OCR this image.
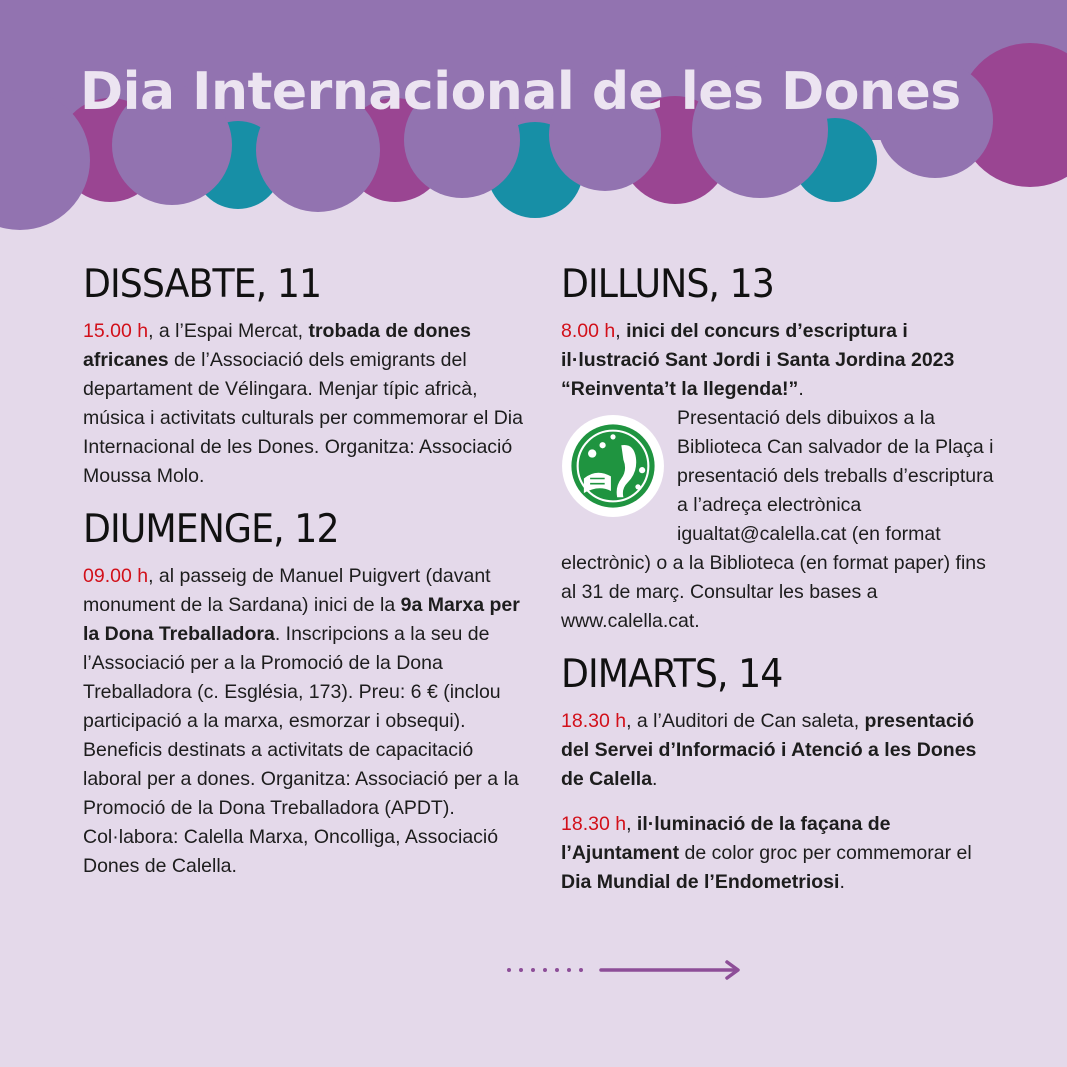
Dia Internacional de les Dones
DISSABTE, 11

15.00 h, a l’Espai Mercat, trobada de dones africanes de l’Associació dels emigrants del departament de Vélingara. Menjar típic africà, música i activitats culturals per commemorar el Dia Internacional de les Dones. Organitza: Associació Moussa Molo.

DIUMENGE, 12

09.00 h, al passeig de Manuel Puigvert (davant monument de la Sardana) inici de la 9a Marxa per la Dona Treballadora. Inscripcions a la seu de l’Associació per a la Promoció de la Dona Treballadora (c. Església, 173). Preu: 6 € (inclou participació a la marxa, esmorzar i obsequi). Beneficis destinats a activitats de capacitació laboral per a dones. Organitza: Associació per a la Promoció de la Dona Treballadora (APDT). Col·labora: Calella Marxa, Oncolliga, Associació Dones de Calella.

DILLUNS, 13

8.00 h, inici del concurs d’escriptura i il·lustració Sant Jordi i Santa Jordina 2023 “Reinventa’t la llegenda!”.

Presentació dels dibuixos a la Biblioteca Can salvador de la Plaça i presentació dels treballs d’escriptura a l’adreça electrònica igualtat@calella.cat (en format electrònic) o a la Biblioteca (en format paper) fins al 31 de març. Consultar les bases a www.calella.cat.

DIMARTS, 14

18.30 h, a l’Auditori de Can saleta, presentació del Servei d’Informació i Atenció a les Dones de Calella.

18.30 h, il·luminació de la façana de l’Ajuntament de color groc per commemorar el Dia Mundial de l’Endometriosi.
